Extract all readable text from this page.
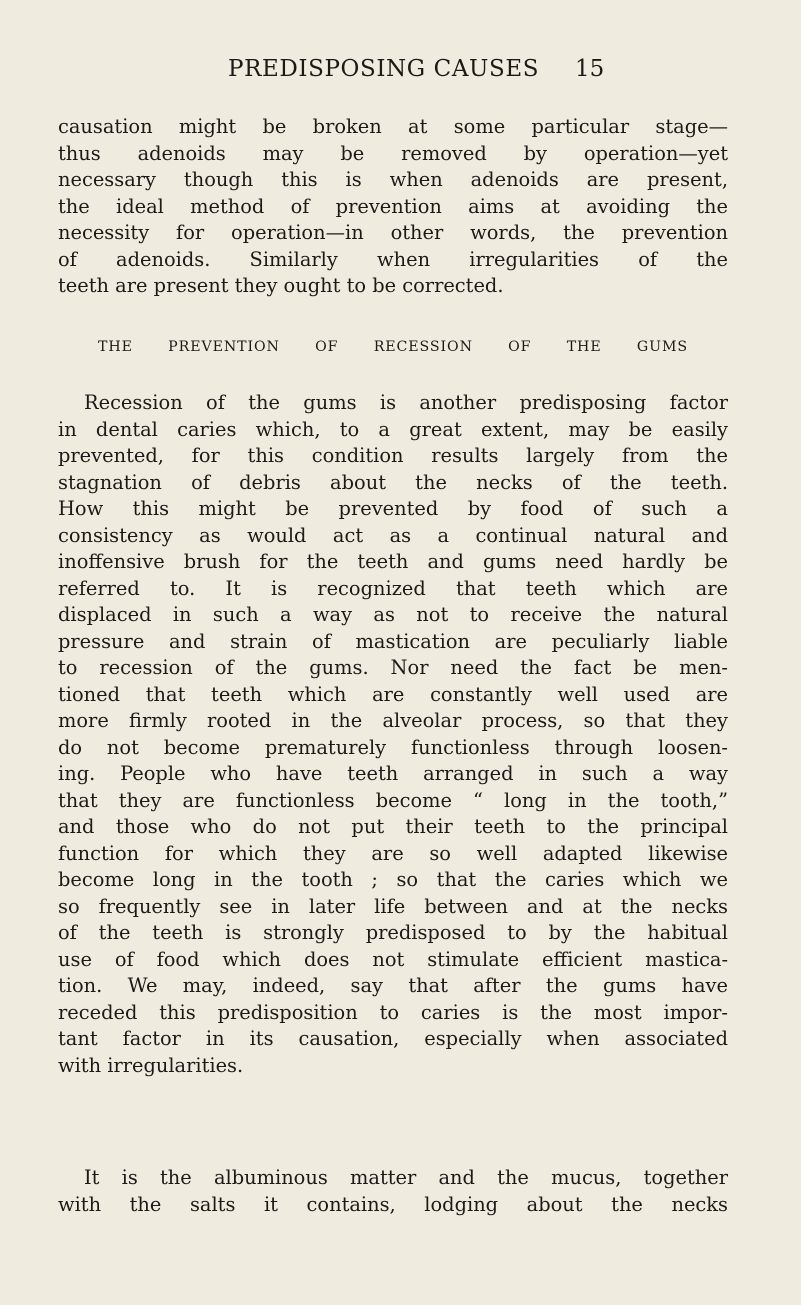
PREDISPOSING CAUSES 15
causation might be broken at some particular stage—
thus adenoids may be removed by operation—yet
necessary though this is when adenoids are present,
the ideal method of prevention aims at avoiding the
necessity for operation—in other words, the prevention
of adenoids. Similarly when irregularities of the
teeth are present they ought to be corrected.
THE PREVENTION OF RECESSION OF THE GUMS
Recession of the gums is another predisposing factor
in dental caries which, to a great extent, may be easily
prevented, for this condition results largely from the
stagnation of debris about the necks of the teeth.
How this might be prevented by food of such a
consistency as would act as a continual natural and
inoffensive brush for the teeth and gums need hardly be
referred to. It is recognized that teeth which are
displaced in such a way as not to receive the natural
pressure and strain of mastication are peculiarly liable
to recession of the gums. Nor need the fact be men-
tioned that teeth which are constantly well used are
more firmly rooted in the alveolar process, so that they
do not become prematurely functionless through loosen-
ing. People who have teeth arranged in such a way
that they are functionless become “ long in the tooth,”
and those who do not put their teeth to the principal
function for which they are so well adapted likewise
become long in the tooth ; so that the caries which we
so frequently see in later life between and at the necks
of the teeth is strongly predisposed to by the habitual
use of food which does not stimulate efficient mastica-
tion. We may, indeed, say that after the gums have
receded this predisposition to caries is the most impor-
tant factor in its causation, especially when associated
with irregularities.
It is the albuminous matter and the mucus, together
with the salts it contains, lodging about the necks
